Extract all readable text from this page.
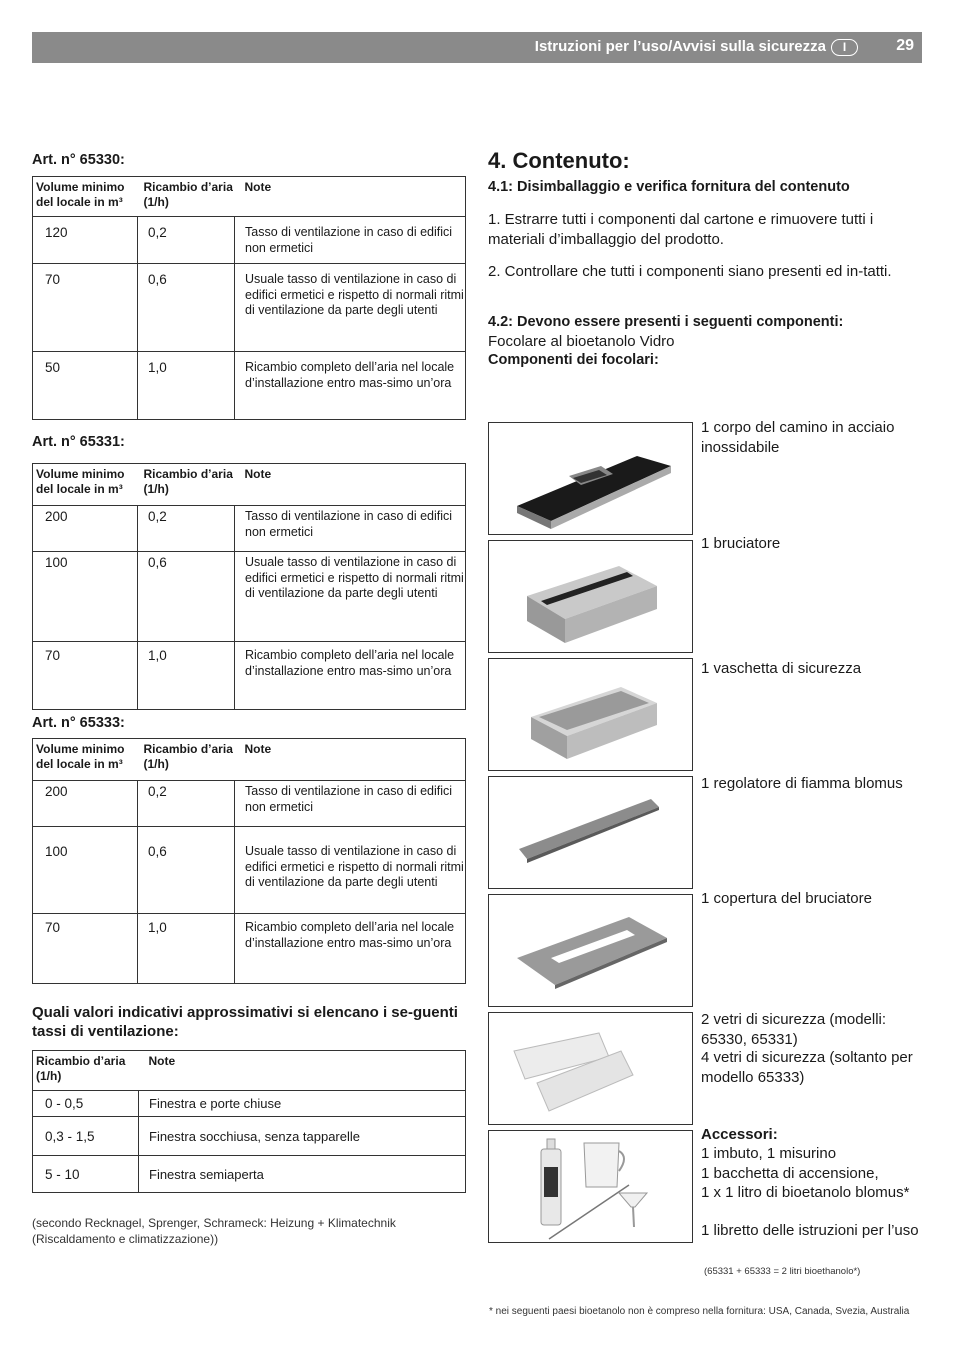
Istruzioni per l’uso/Avvisi sulla sicurezza	I	29
Art. n° 65330:
Volume minimo del locale in m³	Ricambio d’aria (1/h)	Note

120	0,2	Tasso di ventilazione in caso di edifici non ermetici

70	0,6	Usuale tasso di ventilazione in caso di edifici ermetici e rispetto di normali ritmi di ventilazione da parte degli utenti

50	1,0	Ricambio completo dell’aria nel locale d’installazione entro mas-simo un’ora
Art. n° 65331:
Volume minimo del locale in m³	Ricambio d’aria (1/h)	Note

200	0,2	Tasso di ventilazione in caso di edifici non ermetici

100	0,6	Usuale tasso di ventilazione in caso di edifici ermetici e rispetto di normali ritmi di ventilazione da parte degli utenti

70	1,0	Ricambio completo dell’aria nel locale d’installazione entro mas-simo un’ora
Art. n° 65333:
Volume minimo del locale in m³	Ricambio d’aria (1/h)	Note

200	0,2	Tasso di ventilazione in caso di edifici non ermetici

100	0,6	Usuale tasso di ventilazione in caso di edifici ermetici e rispetto di normali ritmi di ventilazione da parte degli utenti

70	1,0	Ricambio completo dell’aria nel locale d’installazione entro mas-simo un’ora
Quali valori indicativi approssimativi si elencano i se-guenti tassi di ventilazione:
Ricambio d’aria (1/h)	Note
0 - 0,5	Finestra e porte chiuse
0,3 - 1,5	Finestra socchiusa, senza tapparelle
5 - 10	Finestra semiaperta
(secondo Recknagel, Sprenger, Schrameck: Heizung + Klimatechnik (Riscaldamento e climatizzazione))
4. Contenuto:
4.1: Disimballaggio e verifica fornitura del contenuto
1. Estrarre tutti i componenti dal cartone e rimuovere tutti i materiali d’imballaggio del prodotto.
2. Controllare che tutti i componenti siano presenti ed in-tatti.
4.2: Devono essere presenti i seguenti componenti:
Focolare al bioetanolo Vidro
Componenti dei focolari:
1 corpo del camino in acciaio inossidabile
1 bruciatore
1 vaschetta di sicurezza
1 regolatore di fiamma blomus
1 copertura del bruciatore
2 vetri di sicurezza (modelli: 65330, 65331)
4 vetri di sicurezza (soltanto per modello 65333)
Accessori:
1 imbuto, 1 misurino
1 bacchetta di accensione,
1 x 1 litro di bioetanolo blomus*
1 libretto delle istruzioni per l’uso
(65331 + 65333 = 2 litri bioethanolo*)
* nei seguenti paesi bioetanolo non è compreso nella fornitura: USA, Canada, Svezia, Australia
